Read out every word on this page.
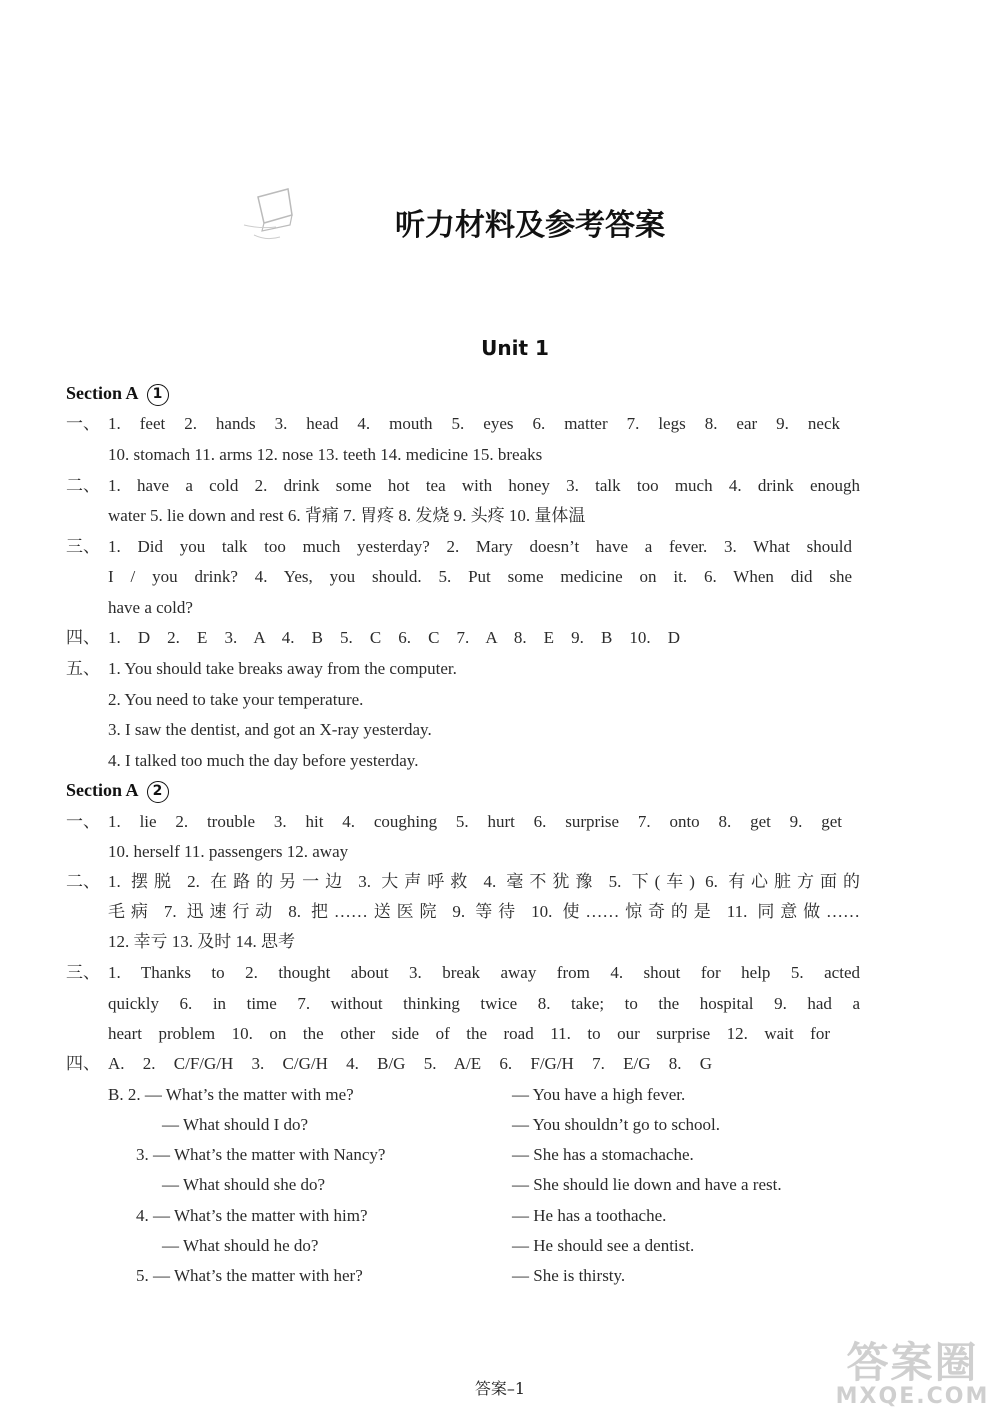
听力材料及参考答案
Unit 1
Section A 1
一、 1. feet 2. hands 3. head 4. mouth 5. eyes 6. matter 7. legs 8. ear 9. neck
10. stomach 11. arms 12. nose 13. teeth 14. medicine 15. breaks
二、 1. have a cold 2. drink some hot tea with honey 3. talk too much 4. drink enough
water 5. lie down and rest 6. 背痛 7. 胃疼 8. 发烧 9. 头疼 10. 量体温
三、 1. Did you talk too much yesterday? 2. Mary doesn’t have a fever. 3. What should
I / you drink? 4. Yes, you should. 5. Put some medicine on it. 6. When did she
have a cold?
四、 1. D 2. E 3. A 4. B 5. C 6. C 7. A 8. E 9. B 10. D
五、 1. You should take breaks away from the computer.
2. You need to take your temperature.
3. I saw the dentist, and got an X-ray yesterday.
4. I talked too much the day before yesterday.
Section A 2
一、 1. lie 2. trouble 3. hit 4. coughing 5. hurt 6. surprise 7. onto 8. get 9. get
10. herself 11. passengers 12. away
二、 1. 摆脱 2. 在路的另一边 3. 大声呼救 4. 毫不犹豫 5. 下(车) 6. 有心脏方面的
毛病 7. 迅速行动 8. 把……送医院 9. 等待 10. 使……惊奇的是 11. 同意做……
12. 幸亏 13. 及时 14. 思考
三、 1. Thanks to 2. thought about 3. break away from 4. shout for help 5. acted
quickly 6. in time 7. without thinking twice 8. take; to the hospital 9. had a
heart problem 10. on the other side of the road 11. to our surprise 12. wait for
四、 A. 2. C/F/G/H 3. C/G/H 4. B/G 5. A/E 6. F/G/H 7. E/G 8. G
B. 2. — What’s the matter with me?	— You have a high fever.
— What should I do?	— You shouldn’t go to school.
3. — What’s the matter with Nancy?	— She has a stomachache.
— What should she do?	— She should lie down and have a rest.
4. — What’s the matter with him?	— He has a toothache.
— What should he do?	— He should see a dentist.
5. — What’s the matter with her?	— She is thirsty.
答案–1
答案圈
MXQE.COM
